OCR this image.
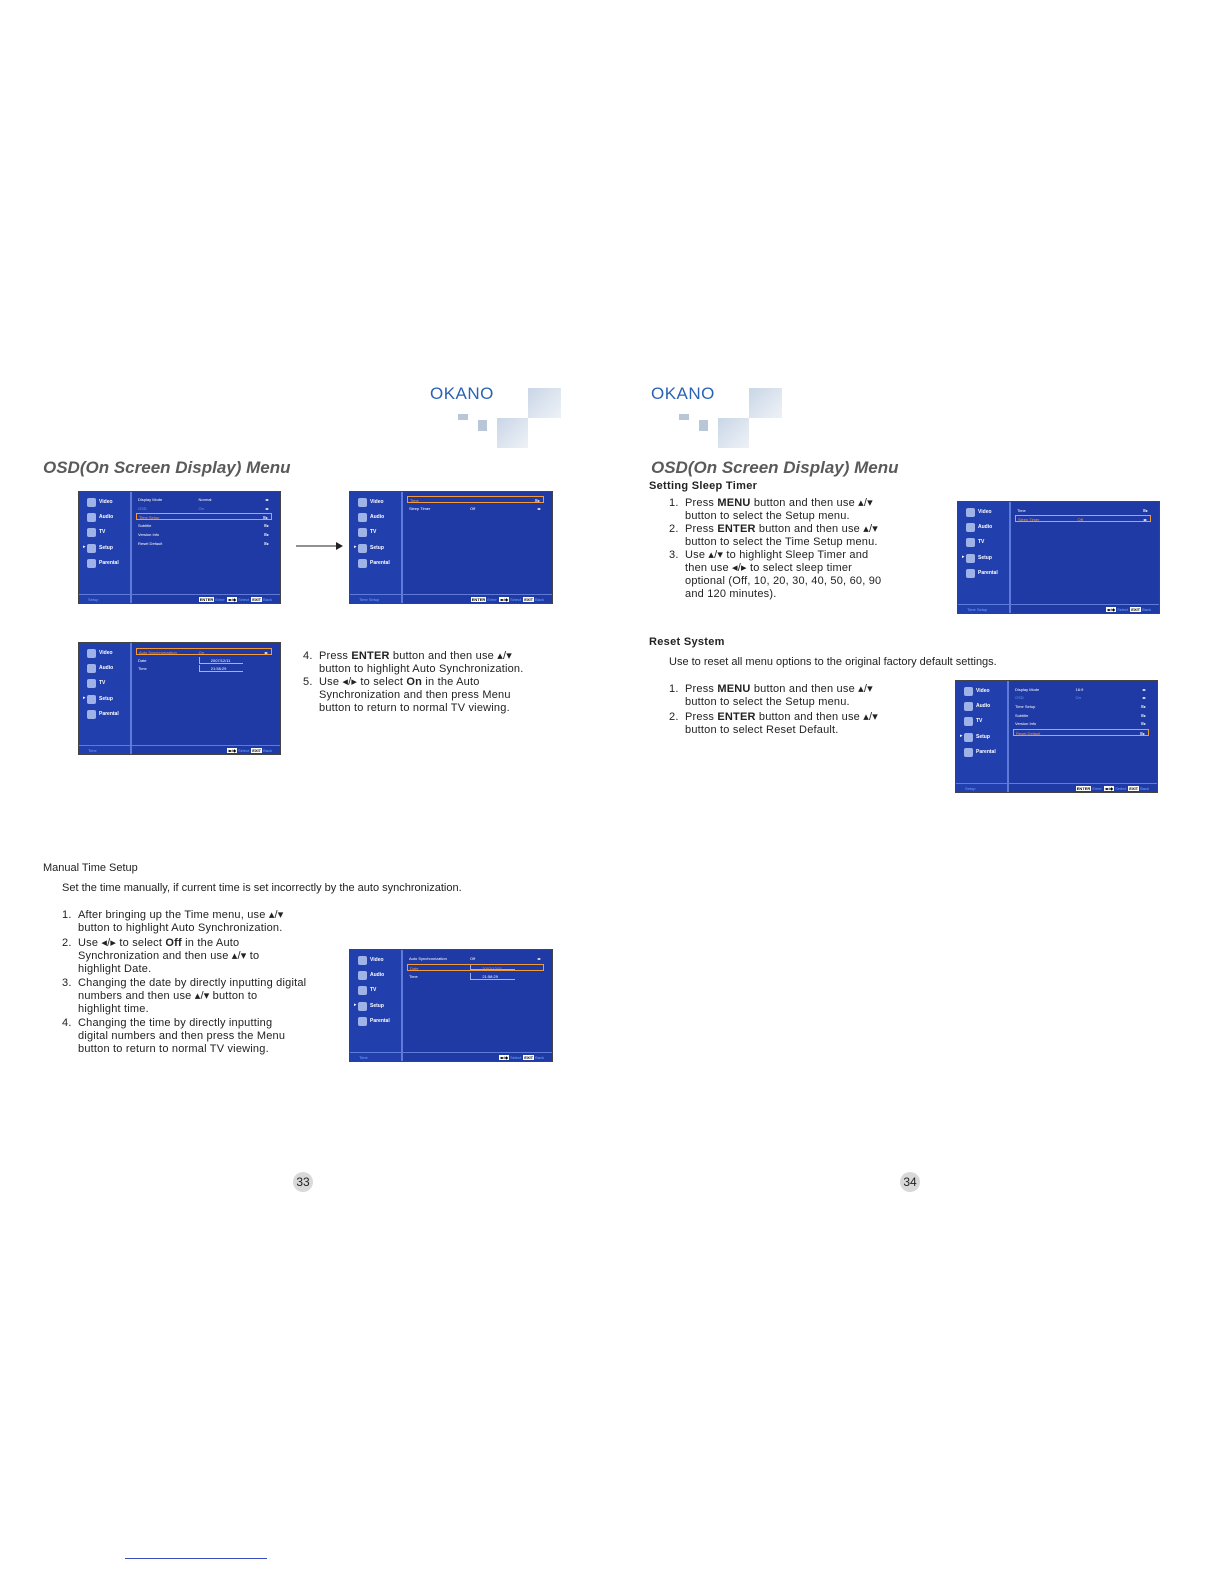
OKANO
OSD(On Screen Display) Menu
Video
Audio
TV
▸	Setup
Parental
Display Mode	Normal	◂▸
OSD	On	◂▸
Time Setup	⊞▸
Subtitle	⊞▸
Version Info	⊞▸
Reset Default	⊞▸
Setup	ENTER Enter ◂▸/◆ Select EXIT Back
Video
Audio
TV
▸	Setup
Parental
Time	⊞▸
Sleep Timer	Off	◂▸
Time Setup	ENTER Enter ◂▸/◆ Select EXIT Back
Video
Audio
TV
▸	Setup
Parental
Auto Synchronization	On	◂▸
Date	2007/12/11
Time	21:58:29
Time	◂▸/◆ Select EXIT Back
4. Press ENTER button and then use ▴/▾
button to highlight Auto Synchronization.
5. Use ◂/▸ to select On in the Auto
Synchronization and then press Menu
button to return to normal TV viewing.
Manual Time Setup
Set the time manually, if current time is set incorrectly by the auto synchronization.
1. After bringing up the Time menu, use ▴/▾
button to highlight Auto Synchronization.
2. Use ◂/▸ to select Off in the Auto
Synchronization and then use ▴/▾ to
highlight Date.
3. Changing the date by directly inputting digital
numbers and then use ▴/▾ button to
highlight time.
4. Changing the time by directly inputting
digital numbers and then press the Menu
button to return to normal TV viewing.
Video
Audio
TV
▸	Setup
Parental
Auto Synchronization	Off	◂▸
Date	2007/12/11
Time	21:58:29
Time	◂▸/◆ Select EXIT Back
33
OKANO
OSD(On Screen Display) Menu
Setting Sleep Timer
1. Press MENU button and then use ▴/▾
button to select the Setup menu.
2. Press ENTER button and then use ▴/▾
button to select the Time Setup menu.
3. Use ▴/▾ to highlight Sleep Timer and
then use ◂/▸ to select sleep timer
optional (Off, 10, 20, 30, 40, 50, 60, 90
and 120 minutes).
Video
Audio
TV
▸	Setup
Parental
Time	⊞▸
Sleep Timer	Off	◂▸
Time Setup	◂▸/◆ Select EXIT Back
Reset System
Use to reset all menu options to the original factory default settings.
1. Press MENU button and then use ▴/▾
button to select the Setup menu.
2. Press ENTER button and then use ▴/▾
button to select Reset Default.
Video
Audio
TV
▸	Setup
Parental
Display Mode	16:9	◂▸
OSD	On	◂▸
Time Setup	⊞▸
Subtitle	⊞▸
Version Info	⊞▸
Reset Default	⊞▸
Setup	ENTER Enter ◂▸/◆ Select EXIT Back
34
